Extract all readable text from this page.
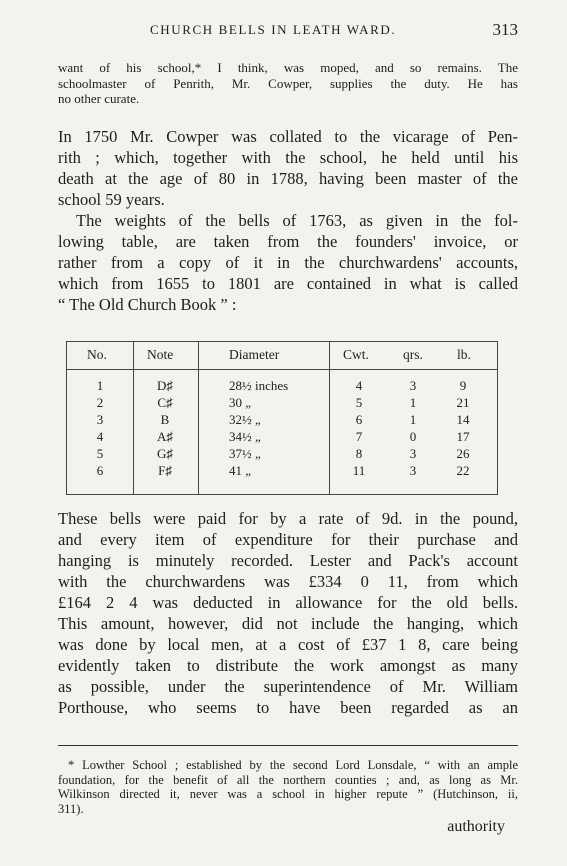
CHURCH BELLS IN LEATH WARD.	313
want of his school,* I think, was moped, and so remains. The
schoolmaster of Penrith, Mr. Cowper, supplies the duty. He has
no other curate.
In 1750 Mr. Cowper was collated to the vicarage of Pen-
rith ; which, together with the school, he held until his
death at the age of 80 in 1788, having been master of the
school 59 years.
The weights of the bells of 1763, as given in the fol-
lowing table, are taken from the founders' invoice, or
rather from a copy of it in the churchwardens' accounts,
which from 1655 to 1801 are contained in what is called
“ The Old Church Book ” :
No.	Note	Diameter	Cwt.	qrs.	lb.
1	D♯	28½ inches	4	3	9
2	C♯	30 „	5	1	21
3	B	32½ „	6	1	14
4	A♯	34½ „	7	0	17
5	G♯	37½ „	8	3	26
6	F♯	41 „	11	3	22
These bells were paid for by a rate of 9d. in the pound,
and every item of expenditure for their purchase and
hanging is minutely recorded. Lester and Pack's account
with the churchwardens was £334 0 11, from which
£164 2 4 was deducted in allowance for the old bells.
This amount, however, did not include the hanging, which
was done by local men, at a cost of £37 1 8, care being
evidently taken to distribute the work amongst as many
as possible, under the superintendence of Mr. William
Porthouse, who seems to have been regarded as an
* Lowther School ; established by the second Lord Lonsdale, “ with an ample
foundation, for the benefit of all the northern counties ; and, as long as Mr.
Wilkinson directed it, never was a school in higher repute ” (Hutchinson, ii,
311).
authority
